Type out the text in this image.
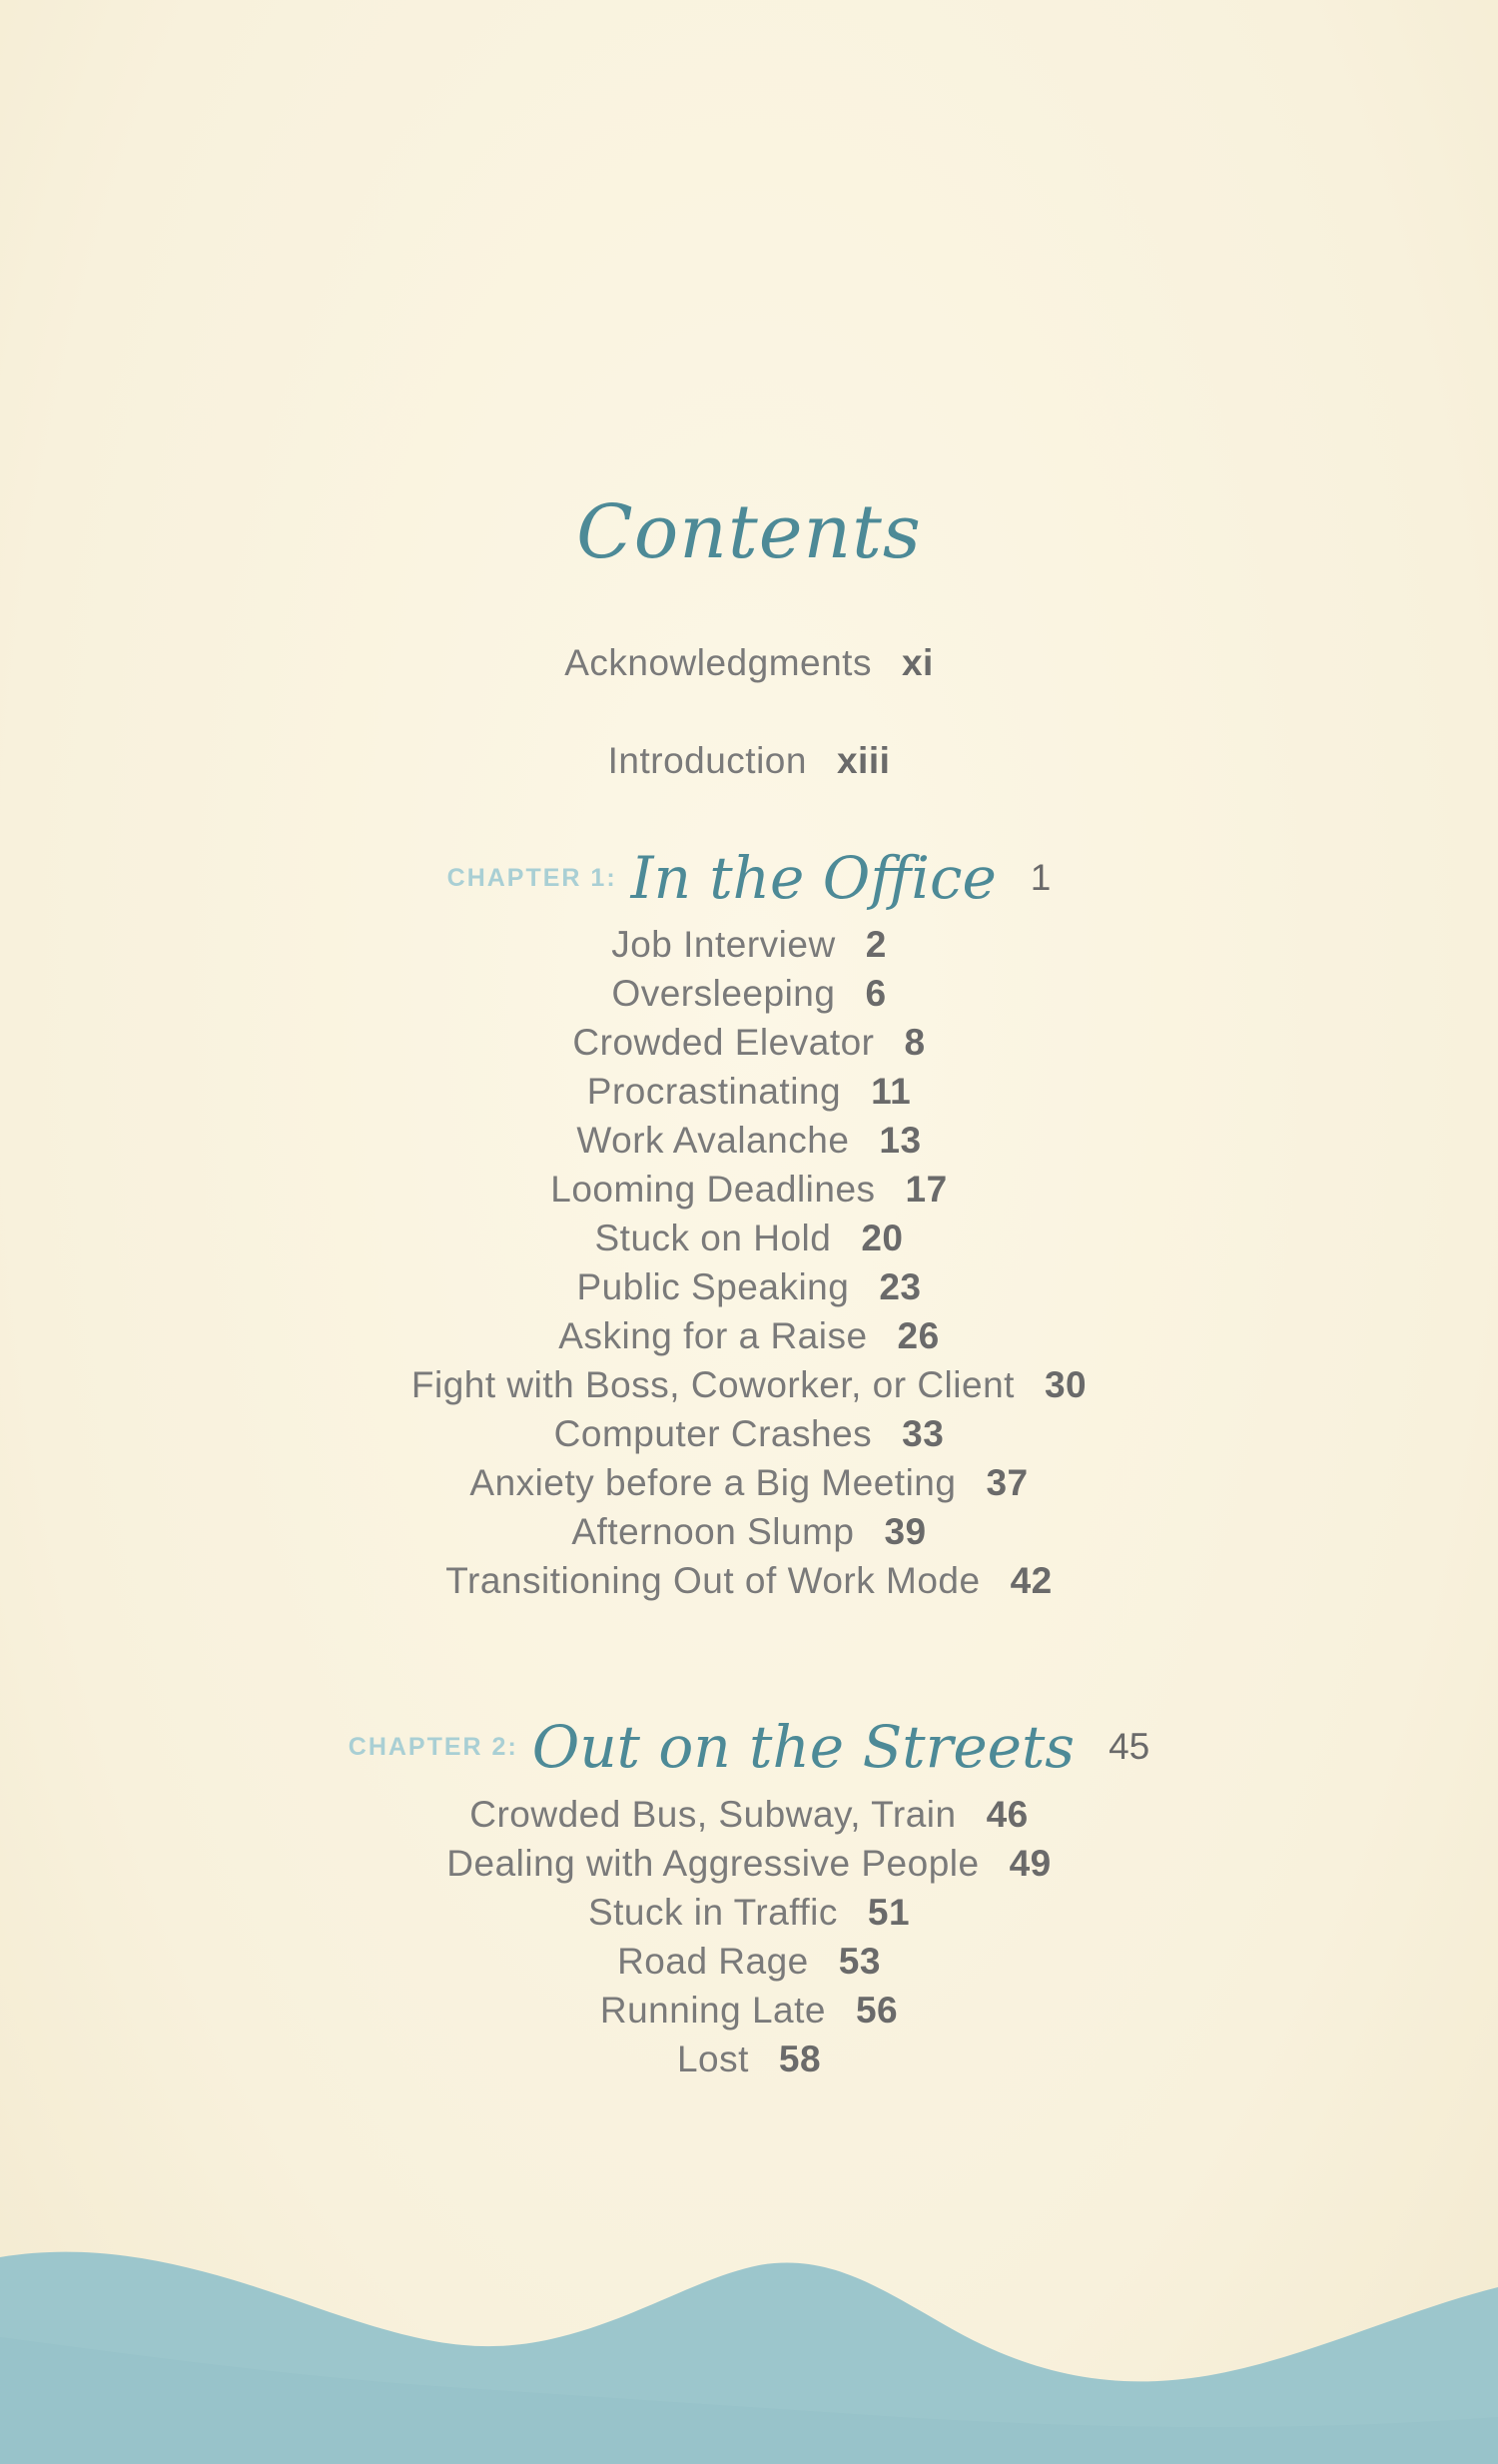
Contents
Acknowledgments xi
Introduction xiii
CHAPTER 1: In the Office 1
Job Interview 2
Oversleeping 6
Crowded Elevator 8
Procrastinating 11
Work Avalanche 13
Looming Deadlines 17
Stuck on Hold 20
Public Speaking 23
Asking for a Raise 26
Fight with Boss, Coworker, or Client 30
Computer Crashes 33
Anxiety before a Big Meeting 37
Afternoon Slump 39
Transitioning Out of Work Mode 42
CHAPTER 2: Out on the Streets 45
Crowded Bus, Subway, Train 46
Dealing with Aggressive People 49
Stuck in Traffic 51
Road Rage 53
Running Late 56
Lost 58
